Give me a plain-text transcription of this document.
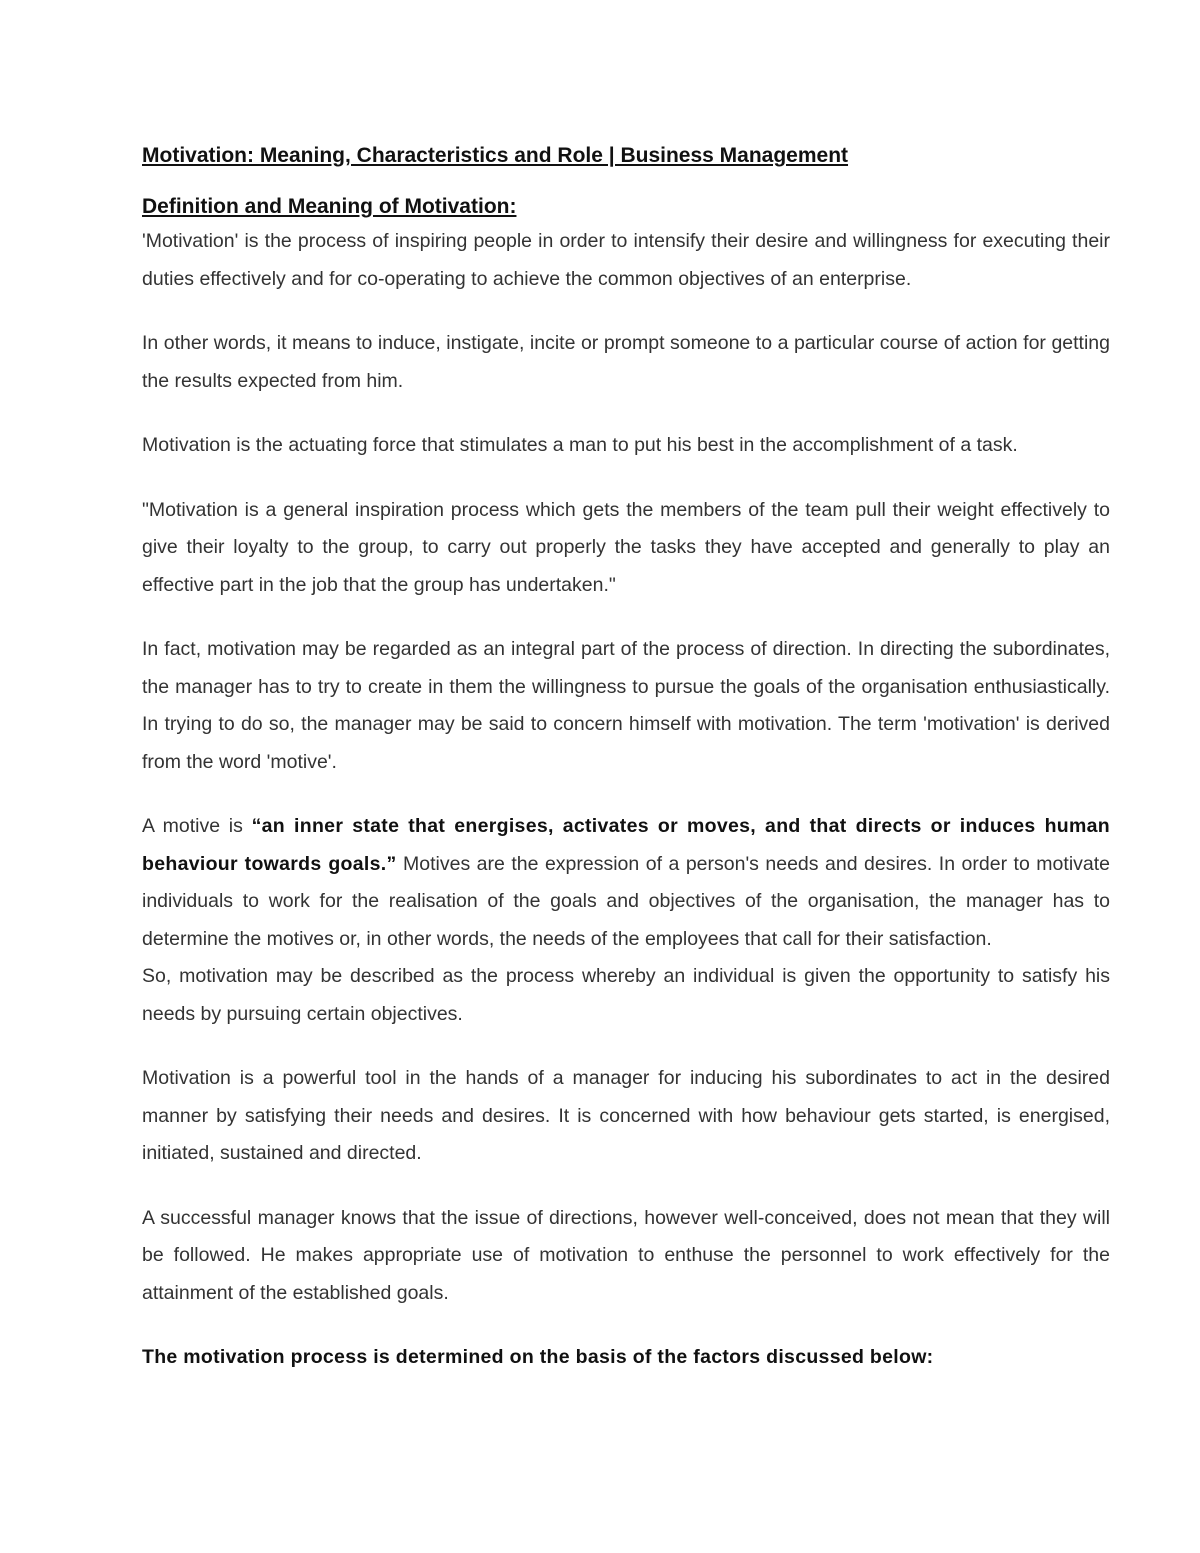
Motivation: Meaning, Characteristics and Role | Business Management
Definition and Meaning of Motivation:

'Motivation' is the process of inspiring people in order to intensify their desire and willingness for executing their duties effectively and for co-operating to achieve the common objectives of an enterprise.

In other words, it means to induce, instigate, incite or prompt someone to a particular course of action for getting the results expected from him.

Motivation is the actuating force that stimulates a man to put his best in the accomplishment of a task.

"Motivation is a general inspiration process which gets the members of the team pull their weight effectively to give their loyalty to the group, to carry out properly the tasks they have accepted and generally to play an effective part in the job that the group has undertaken."

In fact, motivation may be regarded as an integral part of the process of direction. In directing the subordinates, the manager has to try to create in them the willingness to pursue the goals of the organisation enthusiastically. In trying to do so, the manager may be said to concern himself with motivation. The term 'motivation' is derived from the word 'motive'.

A motive is “an inner state that energises, activates or moves, and that directs or induces human behaviour towards goals.” Motives are the expression of a person's needs and desires. In order to motivate individuals to work for the realisation of the goals and objectives of the organisation, the manager has to determine the motives or, in other words, the needs of the employees that call for their satisfaction.

So, motivation may be described as the process whereby an individual is given the opportunity to satisfy his needs by pursuing certain objectives.

Motivation is a powerful tool in the hands of a manager for inducing his subordinates to act in the desired manner by satisfying their needs and desires. It is concerned with how behaviour gets started, is energised, initiated, sustained and directed.

A successful manager knows that the issue of directions, however well-conceived, does not mean that they will be followed. He makes appropriate use of motivation to enthuse the personnel to work effectively for the attainment of the established goals.

The motivation process is determined on the basis of the factors discussed below:
